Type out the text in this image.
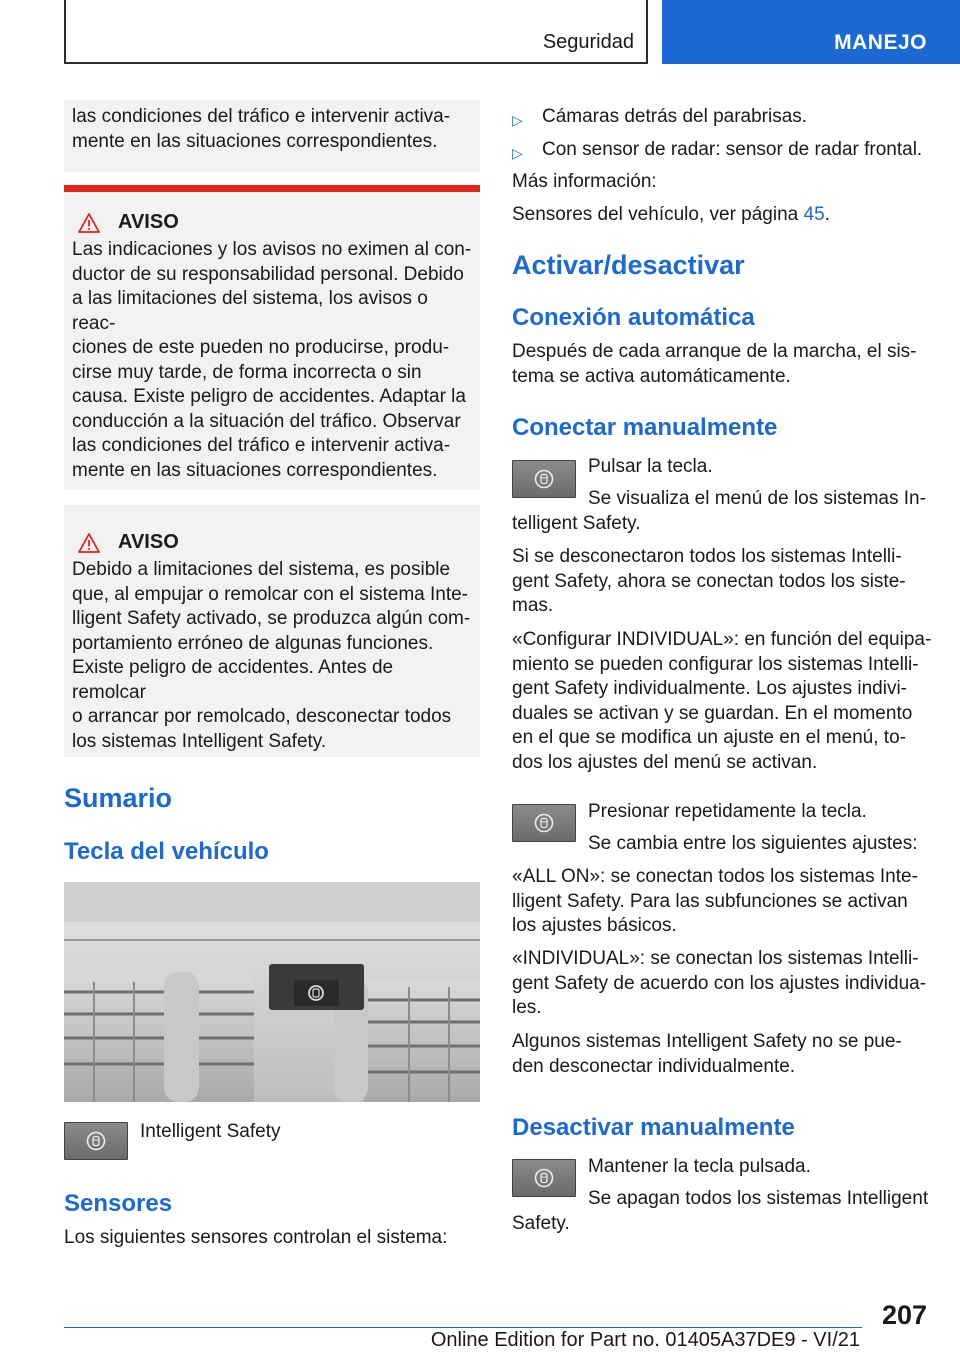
Seguridad	MANEJO

las condiciones del tráfico e intervenir activa-
mente en las situaciones correspondientes.

AVISO

Las indicaciones y los avisos no eximen al con-
ductor de su responsabilidad personal. Debido
a las limitaciones del sistema, los avisos o reac-
ciones de este pueden no producirse, produ-
cirse muy tarde, de forma incorrecta o sin
causa. Existe peligro de accidentes. Adaptar la
conducción a la situación del tráfico. Observar
las condiciones del tráfico e intervenir activa-
mente en las situaciones correspondientes.

AVISO

Debido a limitaciones del sistema, es posible
que, al empujar o remolcar con el sistema Inte-
lligent Safety activado, se produzca algún com-
portamiento erróneo de algunas funciones.
Existe peligro de accidentes. Antes de remolcar
o arrancar por remolcado, desconectar todos
los sistemas Intelligent Safety.

Sumario
Tecla del vehículo

Intelligent Safety

Sensores

Los siguientes sensores controlan el sistema:

▷ Cámaras detrás del parabrisas.
▷ Con sensor de radar: sensor de radar frontal.

Más información:

Sensores del vehículo, ver página 45.

Activar/desactivar
Conexión automática

Después de cada arranque de la marcha, el sis-
tema se activa automáticamente.

Conectar manualmente

Pulsar la tecla.

Se visualiza el menú de los sistemas In-

telligent Safety.

Si se desconectaron todos los sistemas Intelli-
gent Safety, ahora se conectan todos los siste-
mas.

«Configurar INDIVIDUAL»: en función del equipa-
miento se pueden configurar los sistemas Intelli-
gent Safety individualmente. Los ajustes indivi-
duales se activan y se guardan. En el momento
en el que se modifica un ajuste en el menú, to-
dos los ajustes del menú se activan.

Presionar repetidamente la tecla.

Se cambia entre los siguientes ajustes:

«ALL ON»: se conectan todos los sistemas Inte-
lligent Safety. Para las subfunciones se activan
los ajustes básicos.

«INDIVIDUAL»: se conectan los sistemas Intelli-
gent Safety de acuerdo con los ajustes individua-
les.

Algunos sistemas Intelligent Safety no se pue-
den desconectar individualmente.

Desactivar manualmente

Mantener la tecla pulsada.

Se apagan todos los sistemas Intelligent

Safety.

207
Online Edition for Part no. 01405A37DE9 - VI/21
